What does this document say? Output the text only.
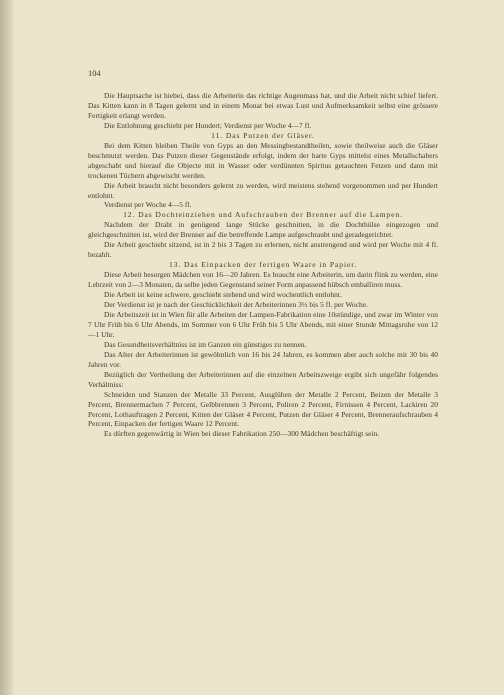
104

Die Hauptsache ist hiebei, dass die Arbeiterin das richtige Augenmass hat, und die Arbeit nicht schief liefert. Das Kitten kann in 8 Tagen gelernt und in einem Monat bei etwas Lust und Aufmerksamkeit selbst eine grössere Fertigkeit erlangt werden.

Die Entlohnung geschieht per Hundert; Verdienst per Woche 4—7 fl.

11. Das Putzen der Gläser.

Bei dem Kitten bleiben Theile von Gyps an den Messingbestandtheilen, sowie theilweise auch die Gläser beschmutzt werden. Das Putzen dieser Gegenstände erfolgt, indem der harte Gyps mittelst eines Metallschabers abgeschabt und hierauf die Objecte mit in Wasser oder verdünnten Spiritus getauchten Fetzen und dann mit trockenen Tüchern abgewischt werden.

Die Arbeit braucht nicht besonders gelernt zu werden, wird meistens stehend vorgenommen und per Hundert entlohnt.

Verdienst per Woche 4—5 fl.

12. Das Dochteinziehen und Aufschrauben der Brenner auf die Lampen.

Nachdem der Draht in genügend lange Stücke geschnitten, in die Dochthülse eingezogen und gleichgeschnitten ist, wird der Brenner auf die betreffende Lampe aufgeschraubt und geradegerichtet.

Die Arbeit geschieht sitzend, ist in 2 bis 3 Tagen zu erlernen, nicht anstrengend und wird per Woche mit 4 fl. bezahlt.

13. Das Einpacken der fertigen Waare in Papier.

Diese Arbeit besorgen Mädchen von 16—20 Jahren. Es braucht eine Arbeiterin, um darin flink zu werden, eine Lehrzeit von 2—3 Monaten, da selbe jeden Gegenstand seiner Form anpassend hübsch emballiren muss.

Die Arbeit ist keine schwere, geschieht stehend und wird wochentlich entlohnt.

Der Verdienst ist je nach der Geschicklichkeit der Arbeiterinnen 3½ bis 5 fl. per Woche.

Die Arbeitszeit ist in Wien für alle Arbeiten der Lampen-Fabrikation eine 10stündige, und zwar im Winter von 7 Uhr Früh bis 6 Uhr Abends, im Sommer von 6 Uhr Früh bis 5 Uhr Abends, mit einer Stunde Mittagsruhe von 12—1 Uhr.

Das Gesundheitsverhältniss ist im Ganzen ein günstiges zu nennen.

Das Alter der Arbeiterinnen ist gewöhnlich von 16 bis 24 Jahren, es kommen aber auch solche mit 30 bis 40 Jahren vor.

Bezüglich der Vertheilung der Arbeiterinnen auf die einzelnen Arbeitszweige ergibt sich ungefähr folgendes Verhältniss:

Schneiden und Stanzen der Metalle 33 Percent, Ausglühen der Metalle 2 Percent, Beizen der Metalle 3 Percent, Brennermachen 7 Percent, Gelbbrennen 3 Percent, Poliren 2 Percent, Firnissen 4 Percent, Lackiren 20 Percent, Lothauftragen 2 Percent, Kitten der Gläser 4 Percent, Putzen der Gläser 4 Percent, Brenneraufschrauben 4 Percent, Einpacken der fertigen Waare 12 Percent.

Es dürften gegenwärtig in Wien bei dieser Fabrikation 250—300 Mädchen beschäftigt sein.
